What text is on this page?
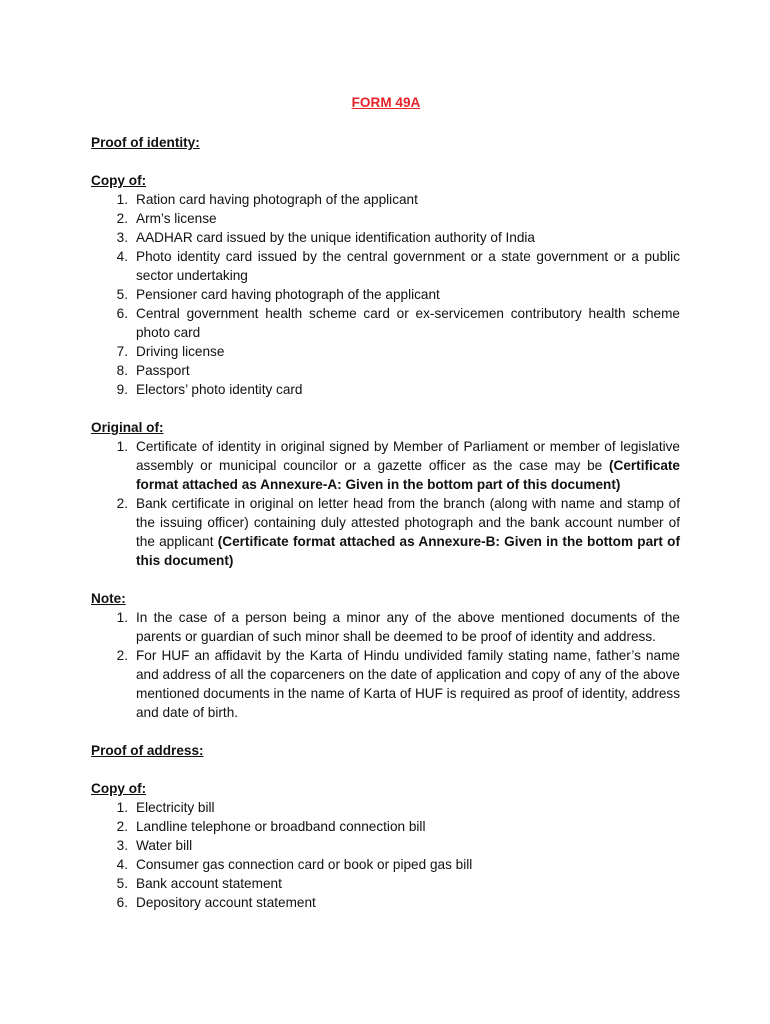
FORM 49A
Proof of identity:
Copy of:
1. Ration card having photograph of the applicant
2. Arm’s license
3. AADHAR card issued by the unique identification authority of India
4. Photo identity card issued by the central government or a state government or a public sector undertaking
5. Pensioner card having photograph of the applicant
6. Central government health scheme card or ex-servicemen contributory health scheme photo card
7. Driving license
8. Passport
9. Electors’ photo identity card
Original of:
1. Certificate of identity in original signed by Member of Parliament or member of legislative assembly or municipal councilor or a gazette officer as the case may be (Certificate format attached as Annexure-A: Given in the bottom part of this document)
2. Bank certificate in original on letter head from the branch (along with name and stamp of the issuing officer) containing duly attested photograph and the bank account number of the applicant (Certificate format attached as Annexure-B: Given in the bottom part of this document)
Note:
1. In the case of a person being a minor any of the above mentioned documents of the parents or guardian of such minor shall be deemed to be proof of identity and address.
2. For HUF an affidavit by the Karta of Hindu undivided family stating name, father’s name and address of all the coparceners on the date of application and copy of any of the above mentioned documents in the name of Karta of HUF is required as proof of identity, address and date of birth.
Proof of address:
Copy of:
1. Electricity bill
2. Landline telephone or broadband connection bill
3. Water bill
4. Consumer gas connection card or book or piped gas bill
5. Bank account statement
6. Depository account statement
